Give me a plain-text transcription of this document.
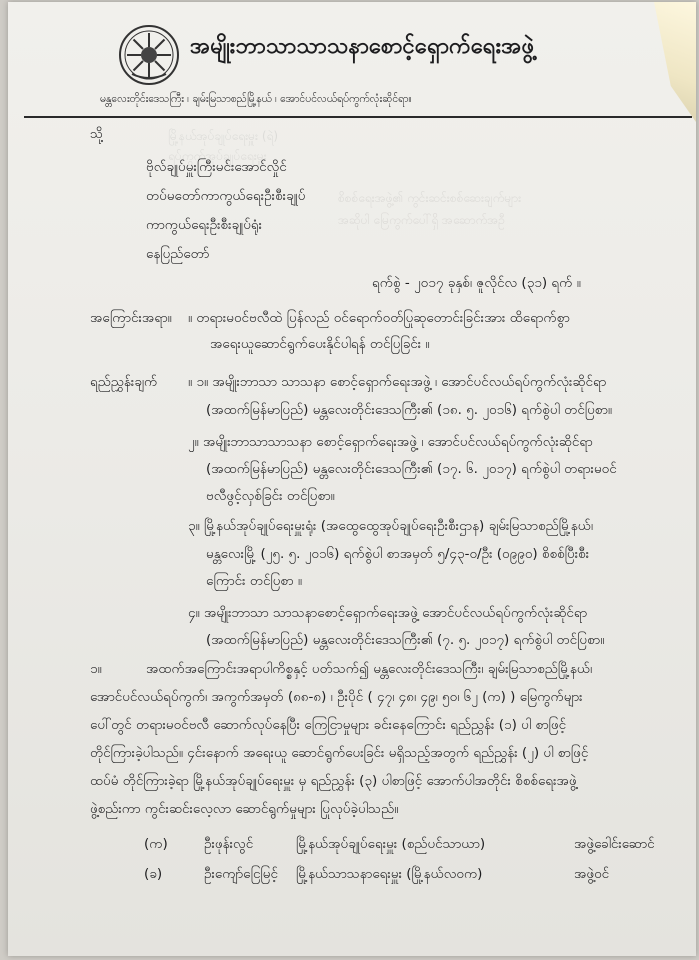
မြို့နယ်အုပ်ချုပ်ရေးမှူး (ရဲ)
ရပ်ကွက်အုပ်ချုပ်ရေးမှူး
စိစစ်ရေးအဖွဲ့၏ ကွင်းဆင်းစစ်ဆေးချက်များ
အဆိုပါ မြေကွက်ပေါ်ရှိ အဆောက်အဦ
အမျိုးဘာသာသာသနာစောင့်ရှောက်ရေးအဖွဲ့
မန္တလေးတိုင်းဒေသကြီး ၊ ချမ်းမြသာစည်မြို့နယ် ၊ အောင်ပင်လယ်ရပ်ကွက်လုံးဆိုင်ရာ။
သို့
ဗိုလ်ချုပ်မှူးကြီးမင်းအောင်လှိုင်
တပ်မတော်ကာကွယ်ရေးဦးစီးချုပ်
ကာကွယ်ရေးဦးစီးချုပ်ရုံး
နေပြည်တော်
ရက်စွဲ - ၂၀၁၇ ခုနှစ်၊ ဇူလိုင်လ (၃၁) ရက် ။
အကြောင်းအရာ။ ။ တရားမဝင်ဗလီထဲ ပြန်လည် ဝင်ရောက်ဝတ်ပြုဆုတောင်းခြင်းအား ထိရောက်စွာ
အရေးယူဆောင်ရွက်ပေးနိုင်ပါရန် တင်ပြခြင်း ။
ရည်ညွှန်းချက် ။ ၁။ အမျိုးဘာသာ သာသနာ စောင့်ရှောက်ရေးအဖွဲ့ ၊ အောင်ပင်လယ်ရပ်ကွက်လုံးဆိုင်ရာ
(အထက်မြန်မာပြည်) မန္တလေးတိုင်းဒေသကြီး၏ (၁၈. ၅. ၂၀၁၆) ရက်စွဲပါ တင်ပြစာ။
၂။ အမျိုးဘာသာသာသနာ စောင့်ရှောက်ရေးအဖွဲ့ ၊ အောင်ပင်လယ်ရပ်ကွက်လုံးဆိုင်ရာ
(အထက်မြန်မာပြည်) မန္တလေးတိုင်းဒေသကြီး၏ (၁၇. ၆. ၂၀၁၇) ရက်စွဲပါ တရားမဝင်
ဗလီဖွင့်လှစ်ခြင်း တင်ပြစာ။
၃။ မြို့နယ်အုပ်ချုပ်ရေးမှူးရုံး (အထွေထွေအုပ်ချုပ်ရေးဦးစီးဌာန) ချမ်းမြသာစည်မြို့နယ်၊
မန္တလေးမြို့ (၂၅. ၅. ၂၀၁၆) ရက်စွဲပါ စာအမှတ် ၅/၄၃-၀/ဦး (၀၉၉၀) စိစစ်ပြီးစီး
ကြောင်း တင်ပြစာ ။
၄။ အမျိုးဘာသာ သာသနာစောင့်ရှောက်ရေးအဖွဲ့ အောင်ပင်လယ်ရပ်ကွက်လုံးဆိုင်ရာ
(အထက်မြန်မာပြည်) မန္တလေးတိုင်းဒေသကြီး၏ (၇. ၅. ၂၀၁၇) ရက်စွဲပါ တင်ပြစာ။
၁။	အထက်အကြောင်းအရာပါကိစ္စနှင့် ပတ်သက်၍ မန္တလေးတိုင်းဒေသကြီး၊ ချမ်းမြသာစည်မြို့နယ်၊
အောင်ပင်လယ်ရပ်ကွက်၊ အကွက်အမှတ် (၈၈-၈) ၊ ဦးပိုင် ( ၄၇၊ ၄၈၊ ၄၉၊ ၅၀၊ ၆၂ (က) ) မြေကွက်များ
ပေါ်တွင် တရားမဝင်ဗလီ ဆောက်လုပ်နေပြီး ကြေငြာမှုများ ခင်းနေကြောင်း ရည်ညွှန်း (၁) ပါ စာဖြင့်
တိုင်ကြားခဲ့ပါသည်။ ၄င်းနောက် အရေးယူ ဆောင်ရွက်ပေးခြင်း မရှိသည့်အတွက် ရည်ညွှန်း (၂) ပါ စာဖြင့်
ထပ်မံ တိုင်ကြားခဲ့ရာ မြို့နယ်အုပ်ချုပ်ရေးမှူး မှ ရည်ညွှန်း (၃) ပါစာဖြင့် အောက်ပါအတိုင်း စိစစ်ရေးအဖွဲ့
ဖွဲ့စည်းကာ ကွင်းဆင်းလေ့လာ ဆောင်ရွက်မှုများ ပြုလုပ်ခဲ့ပါသည်။
(က)	ဦးဖုန်းလွင်	မြို့နယ်အုပ်ချုပ်ရေးမှူး (စည်ပင်သာယာ)	အဖွဲ့ခေါင်းဆောင်
(ခ)	ဦးကျော်ငြေမြင့် မြို့နယ်သာသနာရေးမှူး (မြို့နယ်လဝက)	အဖွဲ့ဝင်
